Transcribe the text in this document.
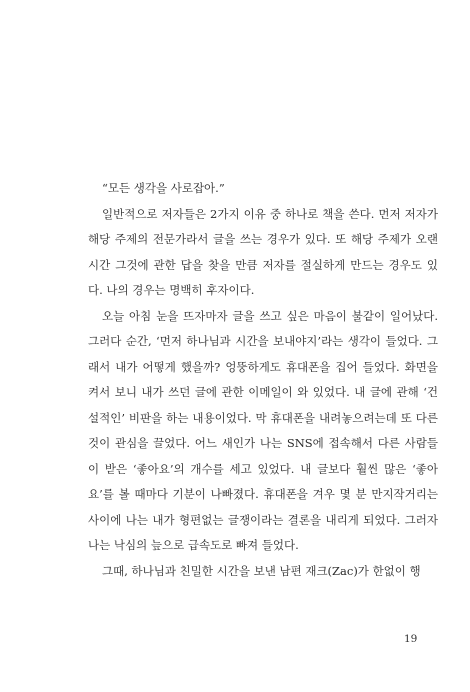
“모든 생각을 사로잡아.”

일반적으로 저자들은 2가지 이유 중 하나로 책을 쓴다. 먼저 저자가 해당 주제의 전문가라서 글을 쓰는 경우가 있다. 또 해당 주제가 오랜 시간 그것에 관한 답을 찾을 만큼 저자를 절실하게 만드는 경우도 있다. 나의 경우는 명백히 후자이다.

오늘 아침 눈을 뜨자마자 글을 쓰고 싶은 마음이 불같이 일어났다. 그러다 순간, ‘먼저 하나님과 시간을 보내야지’라는 생각이 들었다. 그래서 내가 어떻게 했을까? 엉뚱하게도 휴대폰을 집어 들었다. 화면을 켜서 보니 내가 쓰던 글에 관한 이메일이 와 있었다. 내 글에 관해 ‘건설적인’ 비판을 하는 내용이었다. 막 휴대폰을 내려놓으려는데 또 다른 것이 관심을 끌었다. 어느 새인가 나는 SNS에 접속해서 다른 사람들이 받은 ‘좋아요’의 개수를 세고 있었다. 내 글보다 훨씬 많은 ‘좋아요’를 볼 때마다 기분이 나빠졌다. 휴대폰을 겨우 몇 분 만지작거리는 사이에 나는 내가 형편없는 글쟁이라는 결론을 내리게 되었다. 그러자 나는 낙심의 늪으로 급속도로 빠져 들었다.

그때, 하나님과 친밀한 시간을 보낸 남편 재크(Zac)가 한없이 행

19
